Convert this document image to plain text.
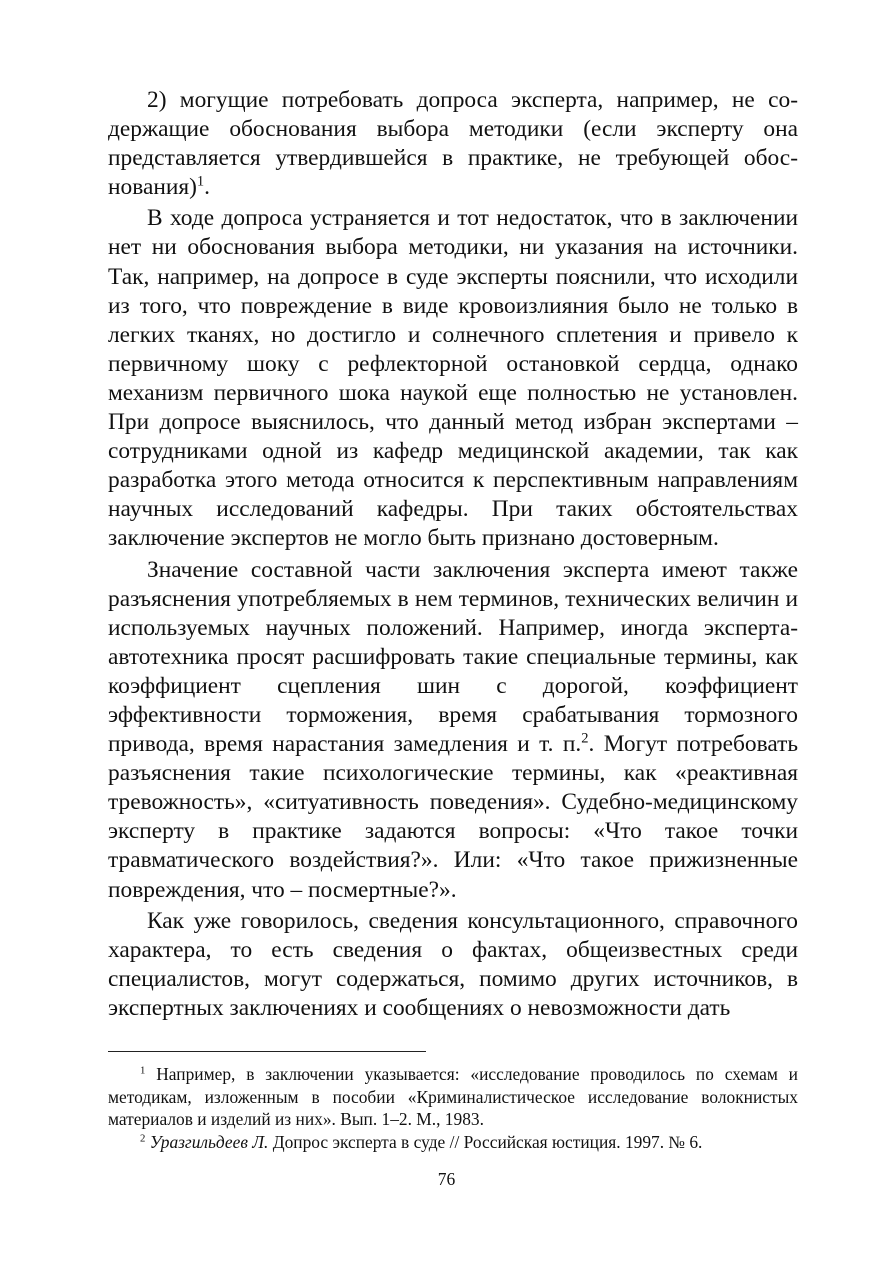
2) могущие потребовать допроса эксперта, например, не содержащие обоснования выбора методики (если эксперту она представляется утвердившейся в практике, не требующей обоснования)$^1$.

В ходе допроса устраняется и тот недостаток, что в заключении нет ни обоснования выбора методики, ни указания на источники. Так, например, на допросе в суде эксперты пояснили, что исходили из того, что повреждение в виде кровоизлияния было не только в легких тканях, но достигло и солнечного сплетения и привело к первичному шоку с рефлекторной остановкой сердца, однако механизм первичного шока наукой еще полностью не установлен. При допросе выяснилось, что данный метод избран экспертами – сотрудниками одной из кафедр медицинской академии, так как разработка этого метода относится к перспективным направлениям научных исследований кафедры. При таких обстоятельствах заключение экспертов не могло быть признано достоверным.

Значение составной части заключения эксперта имеют также разъяснения употребляемых в нем терминов, технических величин и используемых научных положений. Например, иногда эксперта-автотехника просят расшифровать такие специальные термины, как коэффициент сцепления шин с дорогой, коэффициент эффективности торможения, время срабатывания тормозного привода, время нарастания замедления и т. п.$^2$. Могут потребовать разъяснения такие психологические термины, как «реактивная тревожность», «ситуативность поведения». Судебно-медицинскому эксперту в практике задаются вопросы: «Что такое точки травматического воздействия?». Или: «Что такое прижизненные повреждения, что – посмертные?».

Как уже говорилось, сведения консультационного, справочного характера, то есть сведения о фактах, общеизвестных среди специалистов, могут содержаться, помимо других источников, в экспертных заключениях и сообщениях о невозможности дать

$^1$ Например, в заключении указывается: «исследование проводилось по схемам и методикам, изложенным в пособии «Криминалистическое исследование волокнистых материалов и изделий из них». Вып. 1–2. М., 1983.

$^2$ Уразгильдеев Л. Допрос эксперта в суде // Российская юстиция. 1997. № 6.

76
